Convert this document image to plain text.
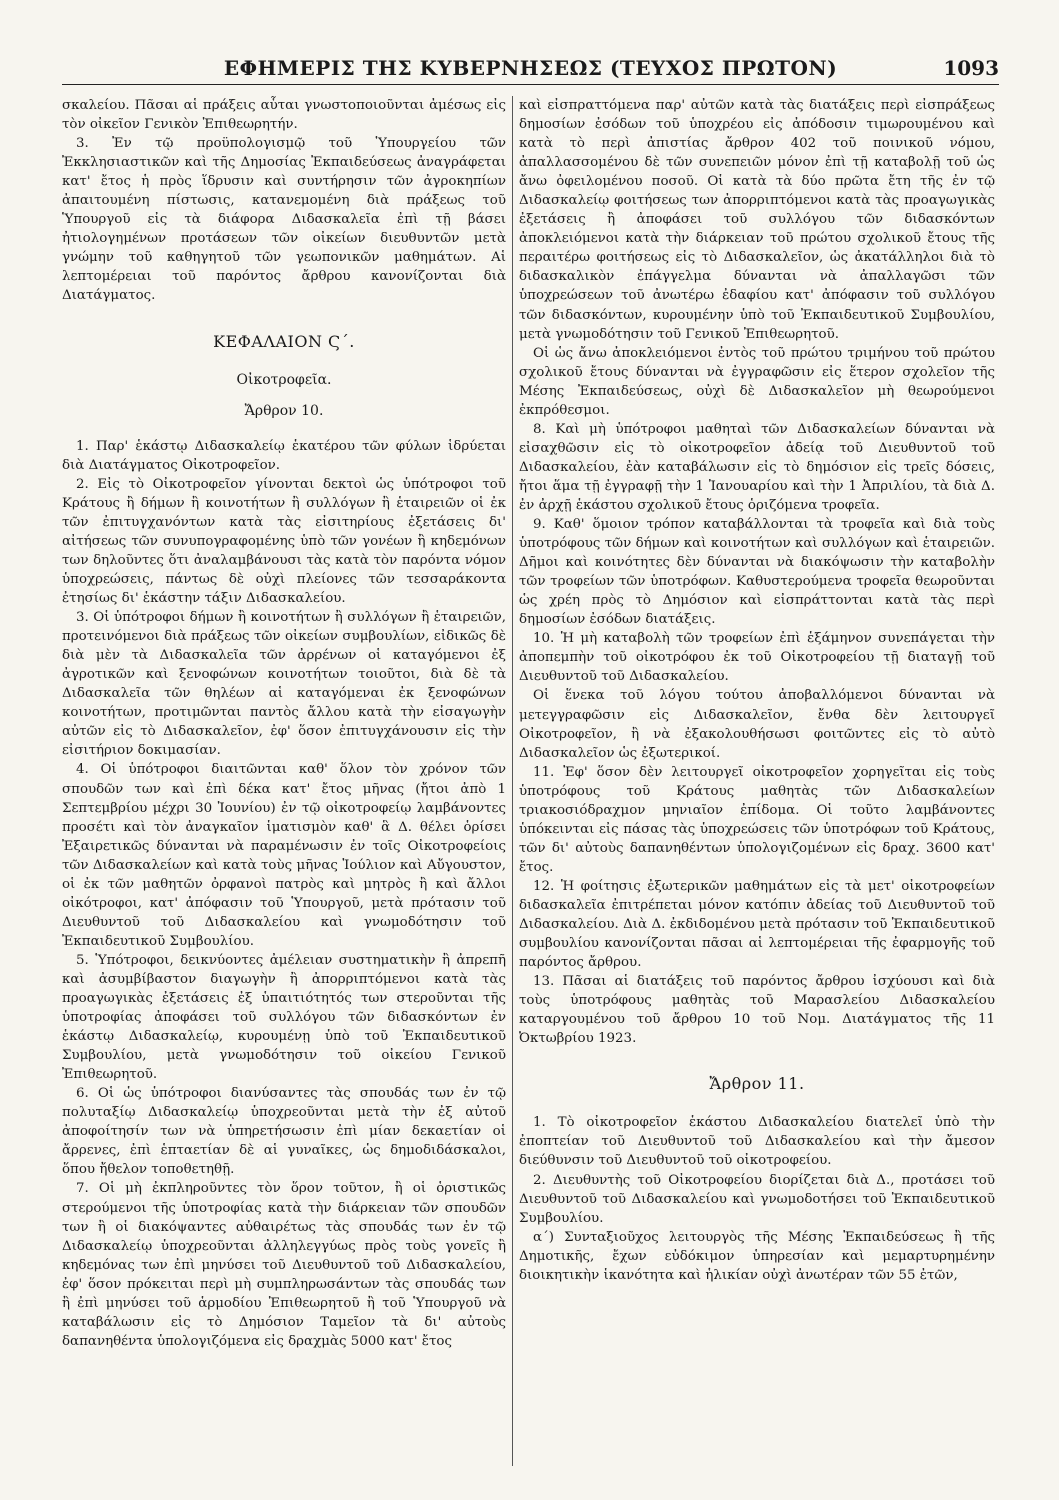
ΕΦΗΜΕΡΙΣ ΤΗΣ ΚΥΒΕΡΝΗΣΕΩΣ (ΤΕΥΧΟΣ ΠΡΩΤΟΝ)	1093

σκαλείου. Πᾶσαι αἱ πράξεις αὗται γνωστοποιοῦνται ἀμέσως εἰς τὸν οἰκεῖον Γενικὸν Ἐπιθεωρητήν.

3. Ἐν τῷ προϋπολογισμῷ τοῦ Ὑπουργείου τῶν Ἐκκλησιαστικῶν καὶ τῆς Δημοσίας Ἐκπαιδεύσεως ἀναγράφεται κατ' ἔτος ἡ πρὸς ἵδρυσιν καὶ συντήρησιν τῶν ἀγροκηπίων ἀπαιτουμένη πίστωσις, κατανεμομένη διὰ πράξεως τοῦ Ὑπουργοῦ εἰς τὰ διάφορα Διδασκαλεῖα ἐπὶ τῇ βάσει ἠτιολογημένων προτάσεων τῶν οἰκείων διευθυντῶν μετὰ γνώμην τοῦ καθηγητοῦ τῶν γεωπονικῶν μαθημάτων. Αἱ λεπτομέρειαι τοῦ παρόντος ἄρθρου κανονίζονται διὰ Διατάγματος.

ΚΕΦΑΛΑΙΟΝ Ϛ΄.
Οἰκοτροφεῖα.
Ἄρθρον 10.

1. Παρ' ἑκάστῳ Διδασκαλείῳ ἑκατέρου τῶν φύλων ἱδρύεται διὰ Διατάγματος Οἰκοτροφεῖον.

2. Εἰς τὸ Οἰκοτροφεῖον γίνονται δεκτοὶ ὡς ὑπότροφοι τοῦ Κράτους ἢ δήμων ἢ κοινοτήτων ἢ συλλόγων ἢ ἑταιρειῶν οἱ ἐκ τῶν ἐπιτυγχανόντων κατὰ τὰς εἰσιτηρίους ἐξετάσεις δι' αἰτήσεως τῶν συνυπογραφομένης ὑπὸ τῶν γονέων ἢ κηδεμόνων των δηλοῦντες ὅτι ἀναλαμβάνουσι τὰς κατὰ τὸν παρόντα νόμον ὑποχρεώσεις, πάντως δὲ οὐχὶ πλείονες τῶν τεσσαράκοντα ἐτησίως δι' ἑκάστην τάξιν Διδασκαλείου.

3. Οἱ ὑπότροφοι δήμων ἢ κοινοτήτων ἢ συλλόγων ἢ ἑταιρειῶν, προτεινόμενοι διὰ πράξεως τῶν οἰκείων συμβουλίων, εἰδικῶς δὲ διὰ μὲν τὰ Διδασκαλεῖα τῶν ἀρρένων οἱ καταγόμενοι ἐξ ἀγροτικῶν καὶ ξενοφώνων κοινοτήτων τοιοῦτοι, διὰ δὲ τὰ Διδασκαλεῖα τῶν θηλέων αἱ καταγόμεναι ἐκ ξενοφώνων κοινοτήτων, προτιμῶνται παντὸς ἄλλου κατὰ τὴν εἰσαγωγὴν αὐτῶν εἰς τὸ Διδασκαλεῖον, ἐφ' ὅσον ἐπιτυγχάνουσιν εἰς τὴν εἰσιτήριον δοκιμασίαν.

4. Οἱ ὑπότροφοι διαιτῶνται καθ' ὅλον τὸν χρόνον τῶν σπουδῶν των καὶ ἐπὶ δέκα κατ' ἔτος μῆνας (ἤτοι ἀπὸ 1 Σεπτεμβρίου μέχρι 30 Ἰουνίου) ἐν τῷ οἰκοτροφείῳ λαμβάνοντες προσέτι καὶ τὸν ἀναγκαῖον ἱματισμὸν καθ' ἃ Δ. θέλει ὁρίσει Ἐξαιρετικῶς δύνανται νὰ παραμένωσιν ἐν τοῖς Οἰκοτροφείοις τῶν Διδασκαλείων καὶ κατὰ τοὺς μῆνας Ἰούλιον καὶ Αὔγουστον, οἱ ἐκ τῶν μαθητῶν ὀρφανοὶ πατρὸς καὶ μητρὸς ἢ καὶ ἄλλοι οἰκότροφοι, κατ' ἀπόφασιν τοῦ Ὑπουργοῦ, μετὰ πρότασιν τοῦ Διευθυντοῦ τοῦ Διδασκαλείου καὶ γνωμοδότησιν τοῦ Ἐκπαιδευτικοῦ Συμβουλίου.

5. Ὑπότροφοι, δεικνύοντες ἀμέλειαν συστηματικὴν ἢ ἀπρεπῆ καὶ ἀσυμβίβαστον διαγωγὴν ἢ ἀπορριπτόμενοι κατὰ τὰς προαγωγικὰς ἐξετάσεις ἐξ ὑπαιτιότητός των στεροῦνται τῆς ὑποτροφίας ἀποφάσει τοῦ συλλόγου τῶν διδασκόντων ἐν ἑκάστῳ Διδασκαλείῳ, κυρουμένῃ ὑπὸ τοῦ Ἐκπαιδευτικοῦ Συμβουλίου, μετὰ γνωμοδότησιν τοῦ οἰκείου Γενικοῦ Ἐπιθεωρητοῦ.

6. Οἱ ὡς ὑπότροφοι διανύσαντες τὰς σπουδάς των ἐν τῷ πολυταξίῳ Διδασκαλείῳ ὑποχρεοῦνται μετὰ τὴν ἐξ αὐτοῦ ἀποφοίτησίν των νὰ ὑπηρετήσωσιν ἐπὶ μίαν δεκαετίαν οἱ ἄρρενες, ἐπὶ ἑπταετίαν δὲ αἱ γυναῖκες, ὡς δημοδιδάσκαλοι, ὅπου ἤθελον τοποθετηθῇ.

7. Οἱ μὴ ἐκπληροῦντες τὸν ὅρον τοῦτον, ἢ οἱ ὁριστικῶς στερούμενοι τῆς ὑποτροφίας κατὰ τὴν διάρκειαν τῶν σπουδῶν των ἢ οἱ διακόψαντες αὐθαιρέτως τὰς σπουδάς των ἐν τῷ Διδασκαλείῳ ὑποχρεοῦνται ἀλληλεγγύως πρὸς τοὺς γονεῖς ἢ κηδεμόνας των ἐπὶ μηνύσει τοῦ Διευθυντοῦ τοῦ Διδασκαλείου, ἐφ' ὅσον πρόκειται περὶ μὴ συμπληρωσάντων τὰς σπουδάς των ἢ ἐπὶ μηνύσει τοῦ ἁρμοδίου Ἐπιθεωρητοῦ ἢ τοῦ Ὑπουργοῦ νὰ καταβάλωσιν εἰς τὸ Δημόσιον Ταμεῖον τὰ δι' αὐτοὺς δαπανηθέντα ὑπολογιζόμενα εἰς δραχμὰς 5000 κατ' ἔτος

καὶ εἰσπραττόμενα παρ' αὐτῶν κατὰ τὰς διατάξεις περὶ εἰσπράξεως δημοσίων ἐσόδων τοῦ ὑποχρέου εἰς ἀπόδοσιν τιμωρουμένου καὶ κατὰ τὸ περὶ ἀπιστίας ἄρθρον 402 τοῦ ποινικοῦ νόμου, ἀπαλλασσομένου δὲ τῶν συνεπειῶν μόνον ἐπὶ τῇ καταβολῇ τοῦ ὡς ἄνω ὀφειλομένου ποσοῦ. Οἱ κατὰ τὰ δύο πρῶτα ἔτη τῆς ἐν τῷ Διδασκαλείῳ φοιτήσεως των ἀπορριπτόμενοι κατὰ τὰς προαγωγικὰς ἐξετάσεις ἢ ἀποφάσει τοῦ συλλόγου τῶν διδασκόντων ἀποκλειόμενοι κατὰ τὴν διάρκειαν τοῦ πρώτου σχολικοῦ ἔτους τῆς περαιτέρω φοιτήσεως εἰς τὸ Διδασκαλεῖον, ὡς ἀκατάλληλοι διὰ τὸ διδασκαλικὸν ἐπάγγελμα δύνανται νὰ ἀπαλλαγῶσι τῶν ὑποχρεώσεων τοῦ ἀνωτέρω ἐδαφίου κατ' ἀπόφασιν τοῦ συλλόγου τῶν διδασκόντων, κυρουμένην ὑπὸ τοῦ Ἐκπαιδευτικοῦ Συμβουλίου, μετὰ γνωμοδότησιν τοῦ Γενικοῦ Ἐπιθεωρητοῦ.

Οἱ ὡς ἄνω ἀποκλειόμενοι ἐντὸς τοῦ πρώτου τριμήνου τοῦ πρώτου σχολικοῦ ἔτους δύνανται νὰ ἐγγραφῶσιν εἰς ἕτερον σχολεῖον τῆς Μέσης Ἐκπαιδεύσεως, οὐχὶ δὲ Διδασκαλεῖον μὴ θεωρούμενοι ἐκπρόθεσμοι.

8. Καὶ μὴ ὑπότροφοι μαθηταὶ τῶν Διδασκαλείων δύνανται νὰ εἰσαχθῶσιν εἰς τὸ οἰκοτροφεῖον ἀδείᾳ τοῦ Διευθυντοῦ τοῦ Διδασκαλείου, ἐὰν καταβάλωσιν εἰς τὸ δημόσιον εἰς τρεῖς δόσεις, ἤτοι ἅμα τῇ ἐγγραφῇ τὴν 1 Ἰανουαρίου καὶ τὴν 1 Ἀπριλίου, τὰ διὰ Δ. ἐν ἀρχῇ ἑκάστου σχολικοῦ ἔτους ὁριζόμενα τροφεῖα.

9. Καθ' ὅμοιον τρόπον καταβάλλονται τὰ τροφεῖα καὶ διὰ τοὺς ὑποτρόφους τῶν δήμων καὶ κοινοτήτων καὶ συλλόγων καὶ ἑταιρειῶν. Δῆμοι καὶ κοινότητες δὲν δύνανται νὰ διακόψωσιν τὴν καταβολὴν τῶν τροφείων τῶν ὑποτρόφων. Καθυστερούμενα τροφεῖα θεωροῦνται ὡς χρέη πρὸς τὸ Δημόσιον καὶ εἰσπράττονται κατὰ τὰς περὶ δημοσίων ἐσόδων διατάξεις.

10. Ἡ μὴ καταβολὴ τῶν τροφείων ἐπὶ ἑξάμηνον συνεπάγεται τὴν ἀποπεμπὴν τοῦ οἰκοτρόφου ἐκ τοῦ Οἰκοτροφείου τῇ διαταγῇ τοῦ Διευθυντοῦ τοῦ Διδασκαλείου.

Οἱ ἕνεκα τοῦ λόγου τούτου ἀποβαλλόμενοι δύνανται νὰ μετεγγραφῶσιν εἰς Διδασκαλεῖον, ἔνθα δὲν λειτουργεῖ Οἰκοτροφεῖον, ἢ νὰ ἐξακολουθήσωσι φοιτῶντες εἰς τὸ αὐτὸ Διδασκαλεῖον ὡς ἐξωτερικοί.

11. Ἐφ' ὅσον δὲν λειτουργεῖ οἰκοτροφεῖον χορηγεῖται εἰς τοὺς ὑποτρόφους τοῦ Κράτους μαθητὰς τῶν Διδασκαλείων τριακοσιόδραχμον μηνιαῖον ἐπίδομα. Οἱ τοῦτο λαμβάνοντες ὑπόκεινται εἰς πάσας τὰς ὑποχρεώσεις τῶν ὑποτρόφων τοῦ Κράτους, τῶν δι' αὐτοὺς δαπανηθέντων ὑπολογιζομένων εἰς δραχ. 3600 κατ' ἔτος.

12. Ἡ φοίτησις ἐξωτερικῶν μαθημάτων εἰς τὰ μετ' οἰκοτροφείων διδασκαλεῖα ἐπιτρέπεται μόνον κατόπιν ἀδείας τοῦ Διευθυντοῦ τοῦ Διδασκαλείου. Διὰ Δ. ἐκδιδομένου μετὰ πρότασιν τοῦ Ἐκπαιδευτικοῦ συμβουλίου κανονίζονται πᾶσαι αἱ λεπτομέρειαι τῆς ἐφαρμογῆς τοῦ παρόντος ἄρθρου.

13. Πᾶσαι αἱ διατάξεις τοῦ παρόντος ἄρθρου ἰσχύουσι καὶ διὰ τοὺς ὑποτρόφους μαθητὰς τοῦ Μαρασλείου Διδασκαλείου καταργουμένου τοῦ ἄρθρου 10 τοῦ Νομ. Διατάγματος τῆς 11 Ὀκτωβρίου 1923.

Ἄρθρον 11.

1. Τὸ οἰκοτροφεῖον ἑκάστου Διδασκαλείου διατελεῖ ὑπὸ τὴν ἐποπτείαν τοῦ Διευθυντοῦ τοῦ Διδασκαλείου καὶ τὴν ἄμεσον διεύθυνσιν τοῦ Διευθυντοῦ τοῦ οἰκοτροφείου.

2. Διευθυντὴς τοῦ Οἰκοτροφείου διορίζεται διὰ Δ., προτάσει τοῦ Διευθυντοῦ τοῦ Διδασκαλείου καὶ γνωμοδοτήσει τοῦ Ἐκπαιδευτικοῦ Συμβουλίου.

α΄) Συνταξιοῦχος λειτουργὸς τῆς Μέσης Ἐκπαιδεύσεως ἢ τῆς Δημοτικῆς, ἔχων εὐδόκιμον ὑπηρεσίαν καὶ μεμαρτυρημένην διοικητικὴν ἱκανότητα καὶ ἡλικίαν οὐχὶ ἀνωτέραν τῶν 55 ἐτῶν,
